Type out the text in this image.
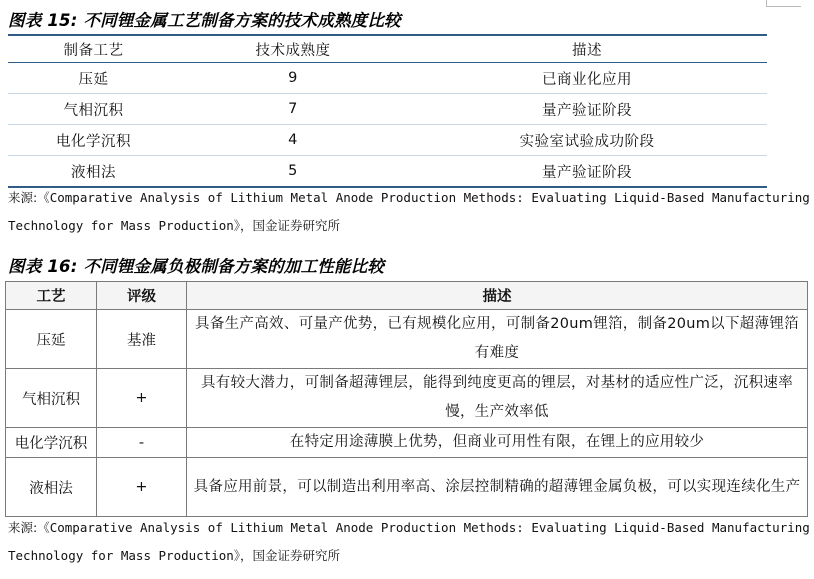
图表 15: 不同锂金属工艺制备方案的技术成熟度比较
制备工艺	技术成熟度	描述
压延	9	已商业化应用
气相沉积	7	量产验证阶段
电化学沉积	4	实验室试验成功阶段
液相法	5	量产验证阶段
来源:《Comparative Analysis of Lithium Metal Anode Production Methods: Evaluating Liquid-Based Manufacturing
Technology for Mass Production》，国金证券研究所
图表 16: 不同锂金属负极制备方案的加工性能比较
工艺	评级	描述
压延	基准	具备生产高效、可量产优势，已有规模化应用，可制备20um锂箔，制备20um以下超薄锂箔有难度
气相沉积	+	具有较大潜力，可制备超薄锂层，能得到纯度更高的锂层，对基材的适应性广泛，沉积速率慢，生产效率低
电化学沉积	-	在特定用途薄膜上优势，但商业可用性有限，在锂上的应用较少
液相法	+	具备应用前景，可以制造出利用率高、涂层控制精确的超薄锂金属负极，可以实现连续化生产
来源:《Comparative Analysis of Lithium Metal Anode Production Methods: Evaluating Liquid-Based Manufacturing
Technology for Mass Production》，国金证券研究所
